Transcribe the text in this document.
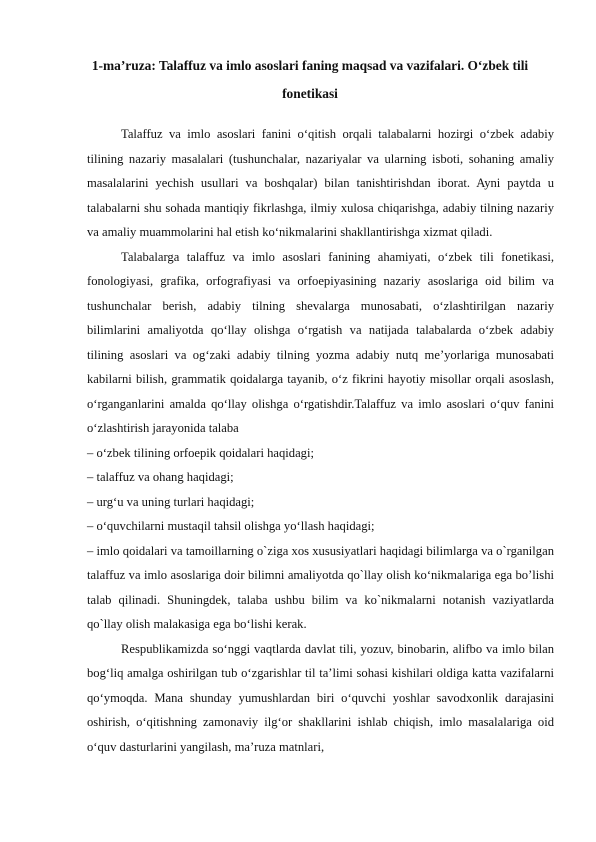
1-ma’ruza: Talaffuz va imlo asoslari faning maqsad va vazifalari. O‘zbek tili fonetikasi

Talaffuz va imlo asoslari fanini o‘qitish orqali talabalarni hozirgi o‘zbek adabiy tilining nazariy masalalari (tushunchalar, nazariyalar va ularning isboti, sohaning amaliy masalalarini yechish usullari va boshqalar) bilan tanishtirishdan iborat. Ayni paytda u talabalarni shu sohada mantiqiy fikrlashga, ilmiy xulosa chiqarishga, adabiy tilning nazariy va amaliy muammolarini hal etish ko‘nikmalarini shakllantirishga xizmat qiladi.

Talabalarga talaffuz va imlo asoslari fanining ahamiyati, o‘zbek tili fonetikasi, fonologiyasi, grafika, orfografiyasi va orfoepiyasining nazariy asoslariga oid bilim va tushunchalar berish, adabiy tilning shevalarga munosabati, o‘zlashtirilgan nazariy bilimlarini amaliyotda qo‘llay olishga o‘rgatish va natijada talabalarda o‘zbek adabiy tilining asoslari va og‘zaki adabiy tilning yozma adabiy nutq me’yorlariga munosabati kabilarni bilish, grammatik qoidalarga tayanib, o‘z fikrini hayotiy misollar orqali asoslash, o‘rganganlarini amalda qo‘llay olishga o‘rgatishdir.Talaffuz va imlo asoslari o‘quv fanini o‘zlashtirish jarayonida talaba

– o‘zbek tilining orfoepik qoidalari haqidagi;

– talaffuz va ohang haqidagi;

– urg‘u va uning turlari haqidagi;

– o‘quvchilarni mustaqil tahsil olishga yo‘llash haqidagi;

– imlo qoidalari va tamoillarning o`ziga xos xususiyatlari haqidagi bilimlarga va o`rganilgan talaffuz va imlo asoslariga doir bilimni amaliyotda qo`llay olish ko‘nikmalariga ega bo’lishi talab qilinadi. Shuningdek, talaba ushbu bilim va ko`nikmalarni notanish vaziyatlarda qo`llay olish malakasiga ega bo‘lishi kerak.

Respublikamizda so‘nggi vaqtlarda davlat tili, yozuv, binobarin, alifbo va imlo bilan bog‘liq amalga oshirilgan tub o‘zgarishlar til ta’limi sohasi kishilari oldiga katta vazifalarni qo‘ymoqda. Mana shunday yumushlardan biri o‘quvchi yoshlar savodxonlik darajasini oshirish, o‘qitishning zamonaviy ilg‘or shakllarini ishlab chiqish, imlo masalalariga oid o‘quv dasturlarini yangilash, ma’ruza matnlari,
